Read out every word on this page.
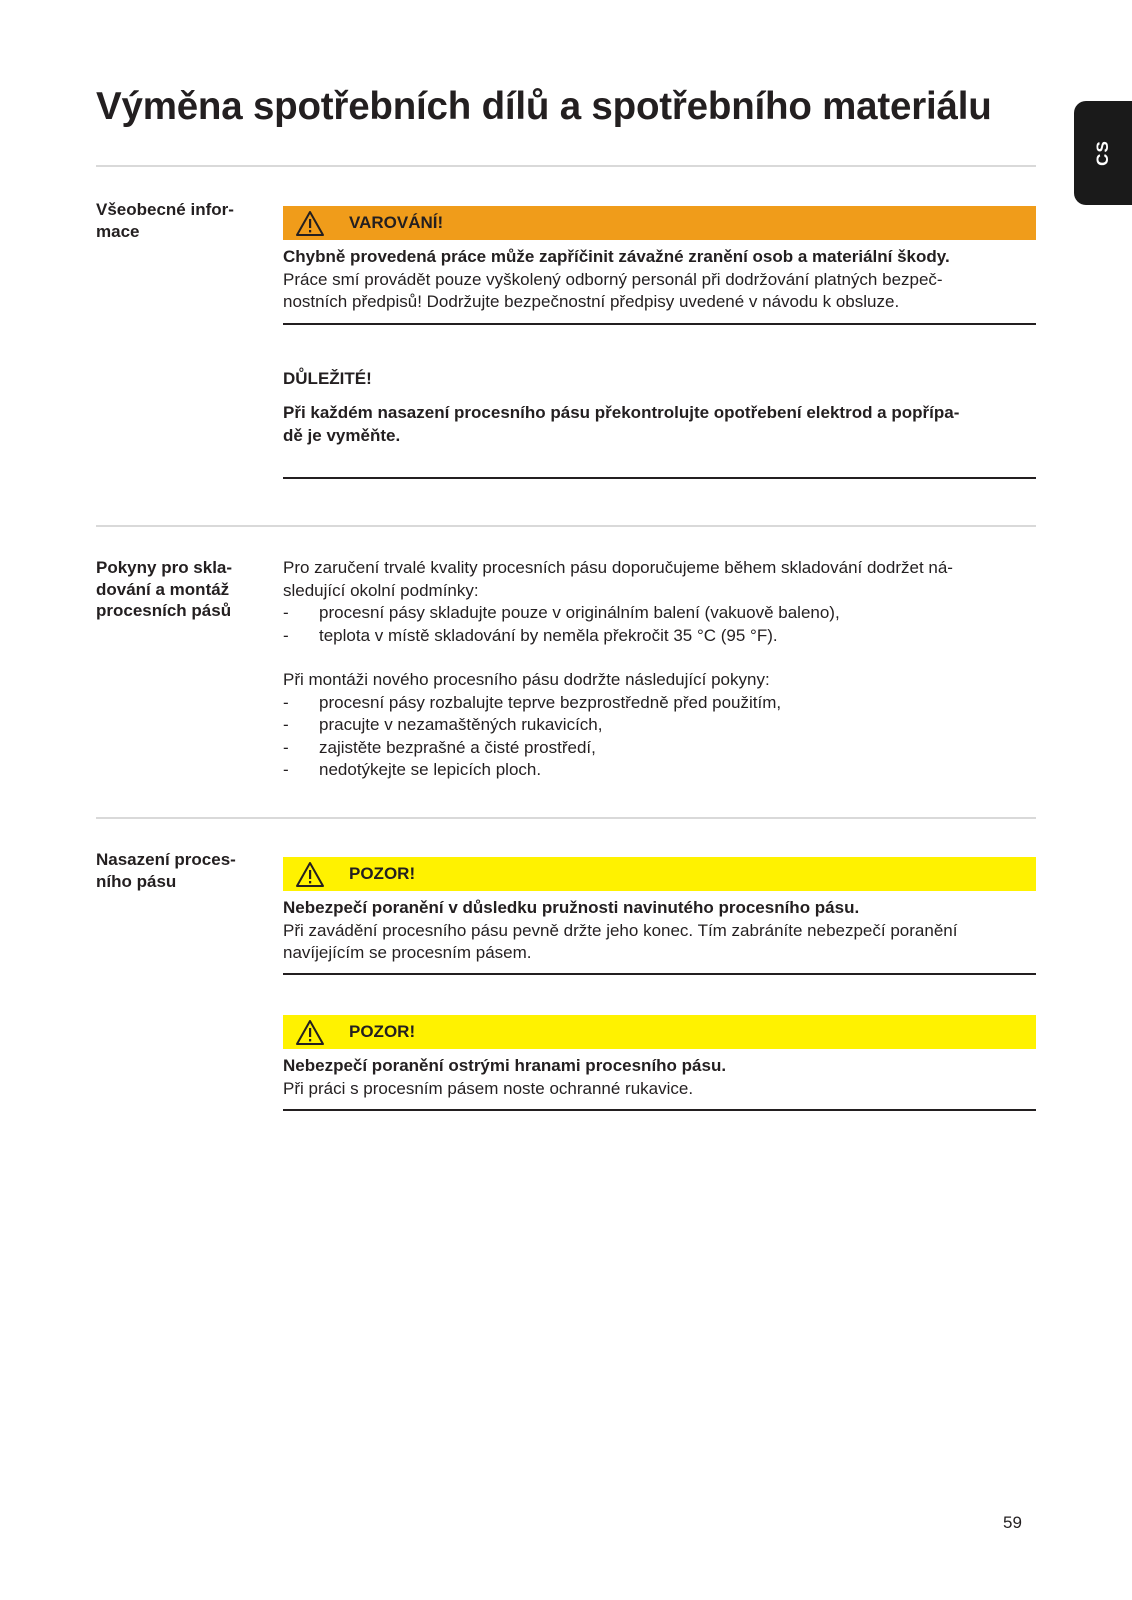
Výměna spotřebních dílů a spotřebního materiálu
CS
Všeobecné infor-
mace	VAROVÁNÍ!
Chybně provedená práce může zapříčinit závažné zranění osob a materiální škody.
Práce smí provádět pouze vyškolený odborný personál při dodržování platných bezpeč-
nostních předpisů! Dodržujte bezpečnostní předpisy uvedené v návodu k obsluze.
DŮLEŽITÉ!
Při každém nasazení procesního pásu překontrolujte opotřebení elektrod a popřípa-
dě je vyměňte.
Pokyny pro skla-
dování a montáž
procesních pásů
Pro zaručení trvalé kvality procesních pásu doporučujeme během skladování dodržet ná-
sledující okolní podmínky:
- procesní pásy skladujte pouze v originálním balení (vakuově baleno),
- teplota v místě skladování by neměla překročit 35 °C (95 °F).
Při montáži nového procesního pásu dodržte následující pokyny:
- procesní pásy rozbalujte teprve bezprostředně před použitím,
- pracujte v nezamaštěných rukavicích,
- zajistěte bezprašné a čisté prostředí,
- nedotýkejte se lepicích ploch.
Nasazení proces-
ního pásu	POZOR!
Nebezpečí poranění v důsledku pružnosti navinutého procesního pásu.
Při zavádění procesního pásu pevně držte jeho konec. Tím zabráníte nebezpečí poranění
navíjejícím se procesním pásem.
POZOR!
Nebezpečí poranění ostrými hranami procesního pásu.
Při práci s procesním pásem noste ochranné rukavice.
59
